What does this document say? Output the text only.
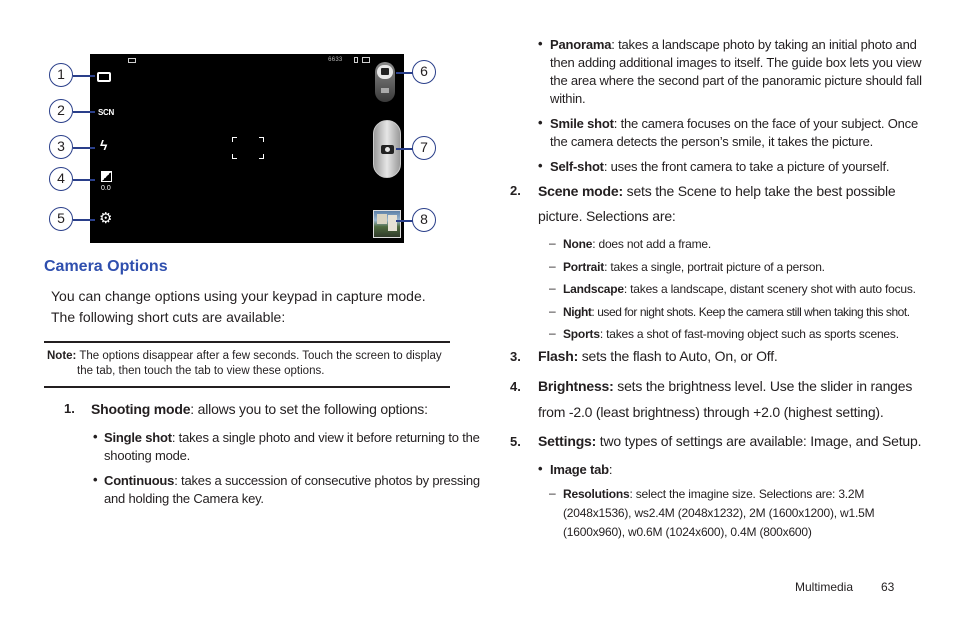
6633
SCN
ϟ
0.0
⚙
1
2
3
4
5
6
7
8
Camera Options
You can change options using your keypad in capture mode. The following short cuts are available:
Note: The options disappear after a few seconds. Touch the screen to display
the tab, then touch the tab to view these options.
1. Shooting mode: allows you to set the following options:
• Single shot: takes a single photo and view it before returning to the
shooting mode.
• Continuous: takes a succession of consecutive photos by pressing
and holding the Camera key.
• Panorama: takes a landscape photo by taking an initial photo and
then adding additional images to itself. The guide box lets you view
the area where the second part of the panoramic picture should fall
within.
• Smile shot: the camera focuses on the face of your subject. Once
the camera detects the person’s smile, it takes the picture.
• Self-shot: uses the front camera to take a picture of yourself.
2. Scene mode: sets the Scene to help take the best possible
picture. Selections are:
– None: does not add a frame.
– Portrait: takes a single, portrait picture of a person.
– Landscape: takes a landscape, distant scenery shot with auto focus.
– Night: used for night shots. Keep the camera still when taking this shot.
– Sports: takes a shot of fast-moving object such as sports scenes.
3. Flash: sets the flash to Auto, On, or Off.
4. Brightness: sets the brightness level. Use the slider in ranges
from -2.0 (least brightness) through +2.0 (highest setting).
5. Settings: two types of settings are available: Image, and Setup.
• Image tab:
– Resolutions: select the imagine size. Selections are: 3.2M
(2048x1536), ws2.4M (2048x1232), 2M (1600x1200), w1.5M
(1600x960), w0.6M (1024x600), 0.4M (800x600)
Multimedia 63
